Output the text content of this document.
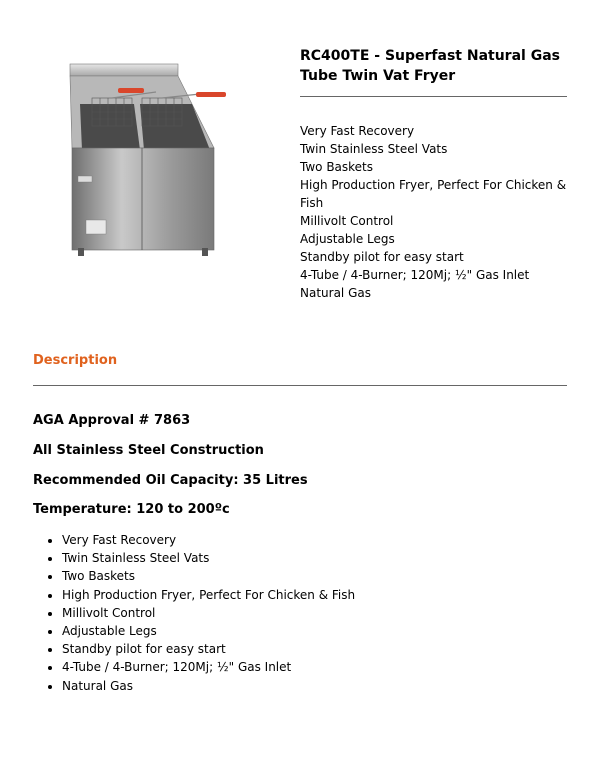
RC400TE - Superfast Natural Gas Tube Twin Vat Fryer
Very Fast Recovery
Twin Stainless Steel Vats
Two Baskets
High Production Fryer, Perfect For Chicken & Fish
Millivolt Control
Adjustable Legs
Standby pilot for easy start
4-Tube / 4-Burner; 120Mj; ½" Gas Inlet
Natural Gas
Description

AGA Approval # 7863

All Stainless Steel Construction

Recommended Oil Capacity: 35 Litres

Temperature: 120 to 200ºc

• Very Fast Recovery
• Twin Stainless Steel Vats
• Two Baskets
• High Production Fryer, Perfect For Chicken & Fish
• Millivolt Control
• Adjustable Legs
• Standby pilot for easy start
• 4-Tube / 4-Burner; 120Mj; ½" Gas Inlet
• Natural Gas
